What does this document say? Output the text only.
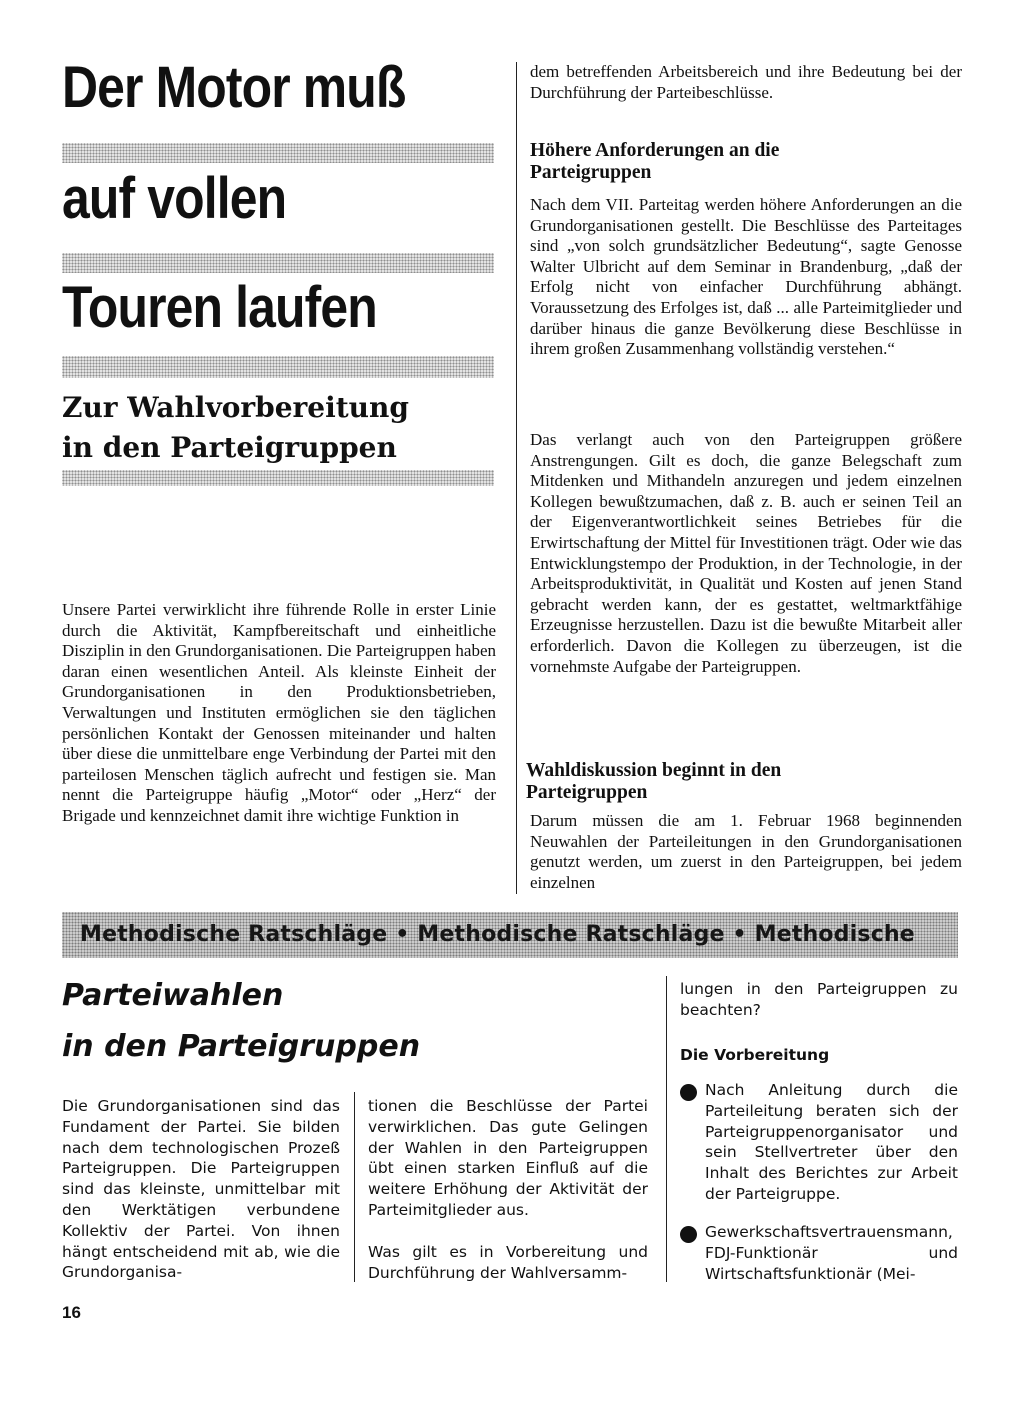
Der Motor muß
auf vollen
Touren laufen
Zur Wahlvorbereitung
in den Parteigruppen

Unsere Partei verwirklicht ihre führende Rolle in erster Linie durch die Aktivität, Kampfbereitschaft und einheitliche Disziplin in den Grundorganisationen. Die Parteigruppen haben daran einen wesentlichen Anteil. Als kleinste Einheit der Grundorganisationen in den Produktionsbetrieben, Verwaltungen und Instituten ermöglichen sie den täglichen persönlichen Kontakt der Genossen miteinander und halten über diese die unmittelbare enge Verbindung der Partei mit den parteilosen Menschen täglich aufrecht und festigen sie. Man nennt die Parteigruppe häufig „Motor“ oder „Herz“ der Brigade und kennzeichnet damit ihre wichtige Funktion in

dem betreffenden Arbeitsbereich und ihre Bedeutung bei der Durchführung der Parteibeschlüsse.

Höhere Anforderungen an die Parteigruppen

Nach dem VII. Parteitag werden höhere Anforderungen an die Grundorganisationen gestellt. Die Beschlüsse des Parteitages sind „von solch grundsätzlicher Bedeutung“, sagte Genosse Walter Ulbricht auf dem Seminar in Brandenburg, „daß der Erfolg nicht von einfacher Durchführung abhängt. Voraussetzung des Erfolges ist, daß ... alle Parteimitglieder und darüber hinaus die ganze Bevölkerung diese Beschlüsse in ihrem großen Zusammenhang vollständig verstehen.“

Das verlangt auch von den Parteigruppen größere Anstrengungen. Gilt es doch, die ganze Belegschaft zum Mitdenken und Mithandeln anzuregen und jedem einzelnen Kollegen bewußtzumachen, daß z. B. auch er seinen Teil an der Eigenverantwortlichkeit seines Betriebes für die Erwirtschaftung der Mittel für Investitionen trägt. Oder wie das Entwicklungstempo der Produktion, in der Technologie, in der Arbeitsproduktivität, in Qualität und Kosten auf jenen Stand gebracht werden kann, der es gestattet, weltmarktfähige Erzeugnisse herzustellen. Dazu ist die bewußte Mitarbeit aller erforderlich. Davon die Kollegen zu überzeugen, ist die vornehmste Aufgabe der Parteigruppen.

Wahldiskussion beginnt in den Parteigruppen

Darum müssen die am 1. Februar 1968 beginnenden Neuwahlen der Parteileitungen in den Grundorganisationen genutzt werden, um zuerst in den Parteigruppen, bei jedem einzelnen

Methodische Ratschläge • Methodische Ratschläge • Methodische
Parteiwahlen
in den Parteigruppen

Die Grundorganisationen sind das Fundament der Partei. Sie bilden nach dem technologischen Prozeß Parteigruppen. Die Parteigruppen sind das kleinste, unmittelbar mit den Werktätigen verbundene Kollektiv der Partei. Von ihnen hängt entscheidend mit ab, wie die Grundorganisa-

tionen die Beschlüsse der Partei verwirklichen. Das gute Gelingen der Wahlen in den Parteigruppen übt einen starken Einfluß auf die weitere Erhöhung der Aktivität der Parteimitglieder aus.

Was gilt es in Vorbereitung und Durchführung der Wahlversamm-

lungen in den Parteigruppen zu beachten?

Die Vorbereitung

Nach Anleitung durch die Parteileitung beraten sich der Parteigruppenorganisator und sein Stellvertreter über den Inhalt des Berichtes zur Arbeit der Parteigruppe.

Gewerkschaftsvertrauensmann, FDJ-Funktionär und Wirtschaftsfunktionär (Mei-

16
